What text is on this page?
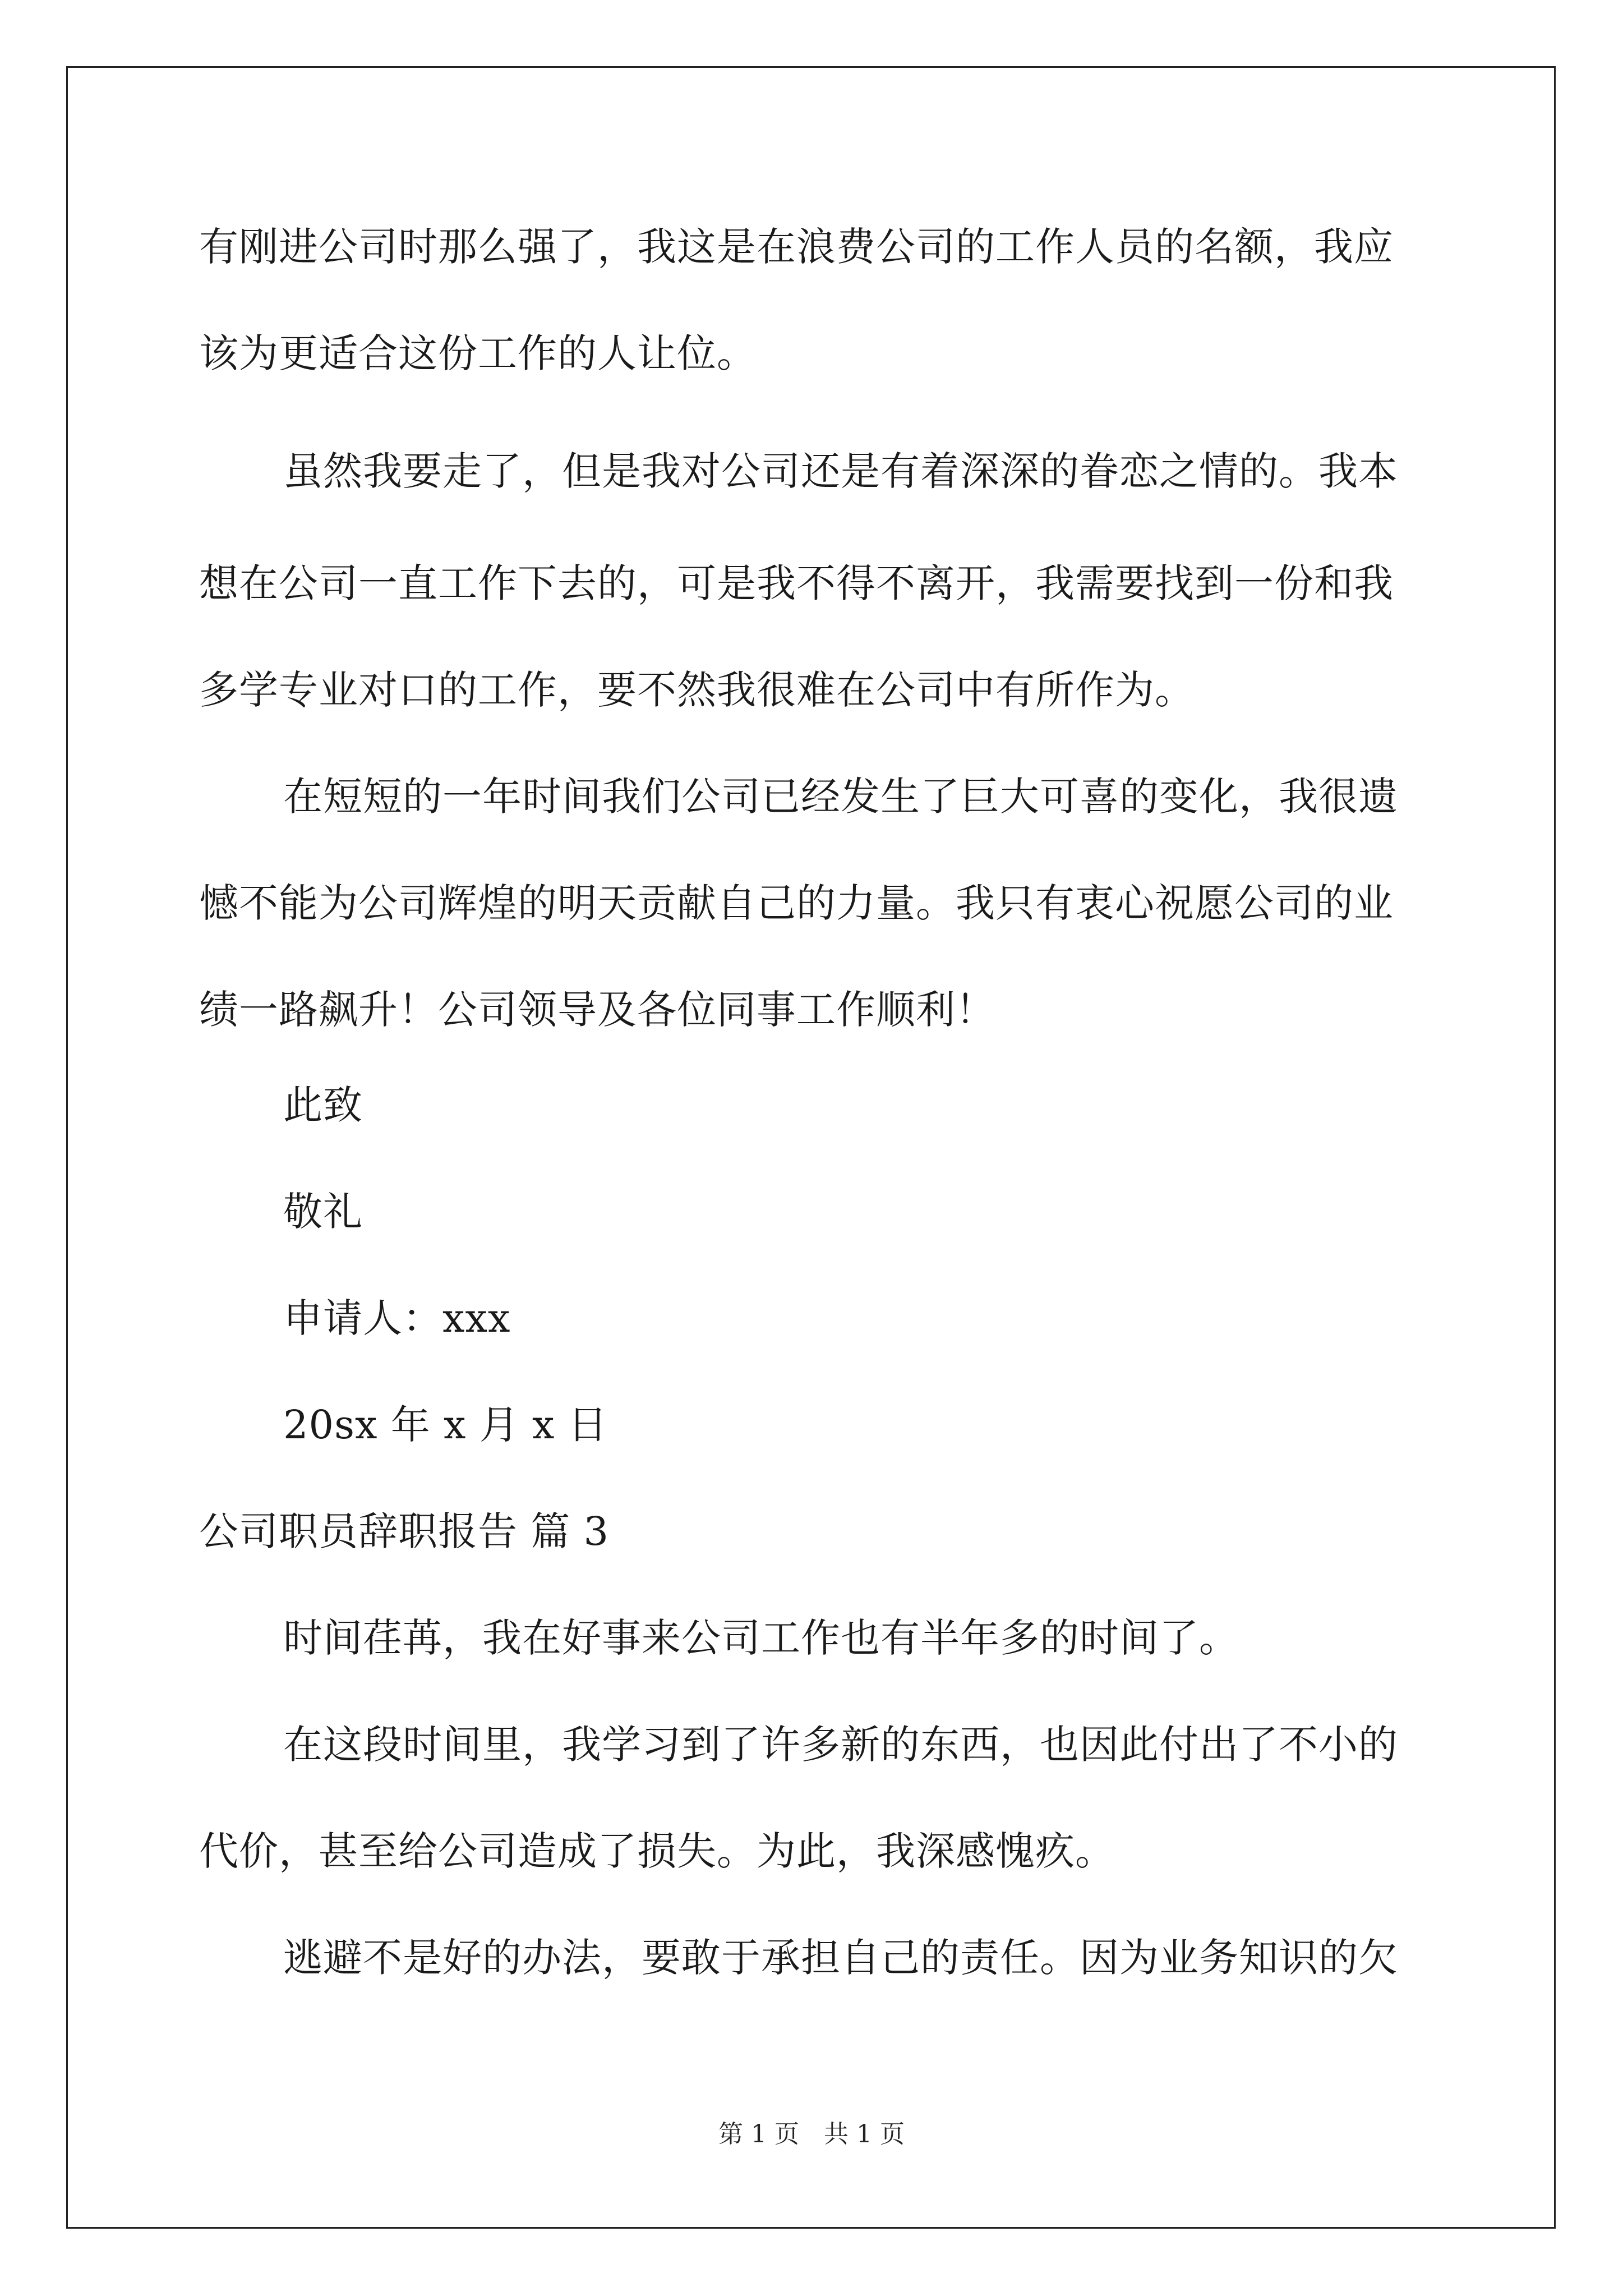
有刚进公司时那么强了，我这是在浪费公司的工作人员的名额，我应
该为更适合这份工作的人让位。
虽然我要走了，但是我对公司还是有着深深的眷恋之情的。我本
想在公司一直工作下去的，可是我不得不离开，我需要找到一份和我
多学专业对口的工作，要不然我很难在公司中有所作为。
在短短的一年时间我们公司已经发生了巨大可喜的变化，我很遗
憾不能为公司辉煌的明天贡献自己的力量。我只有衷心祝愿公司的业
绩一路飙升！公司领导及各位同事工作顺利！
此致
敬礼
申请人：xxx
20sx 年 x 月 x 日
公司职员辞职报告 篇 3
时间荏苒，我在好事来公司工作也有半年多的时间了。
在这段时间里，我学习到了许多新的东西，也因此付出了不小的
代价，甚至给公司造成了损失。为此，我深感愧疚。
逃避不是好的办法，要敢于承担自己的责任。因为业务知识的欠
第 1 页　共 1 页
